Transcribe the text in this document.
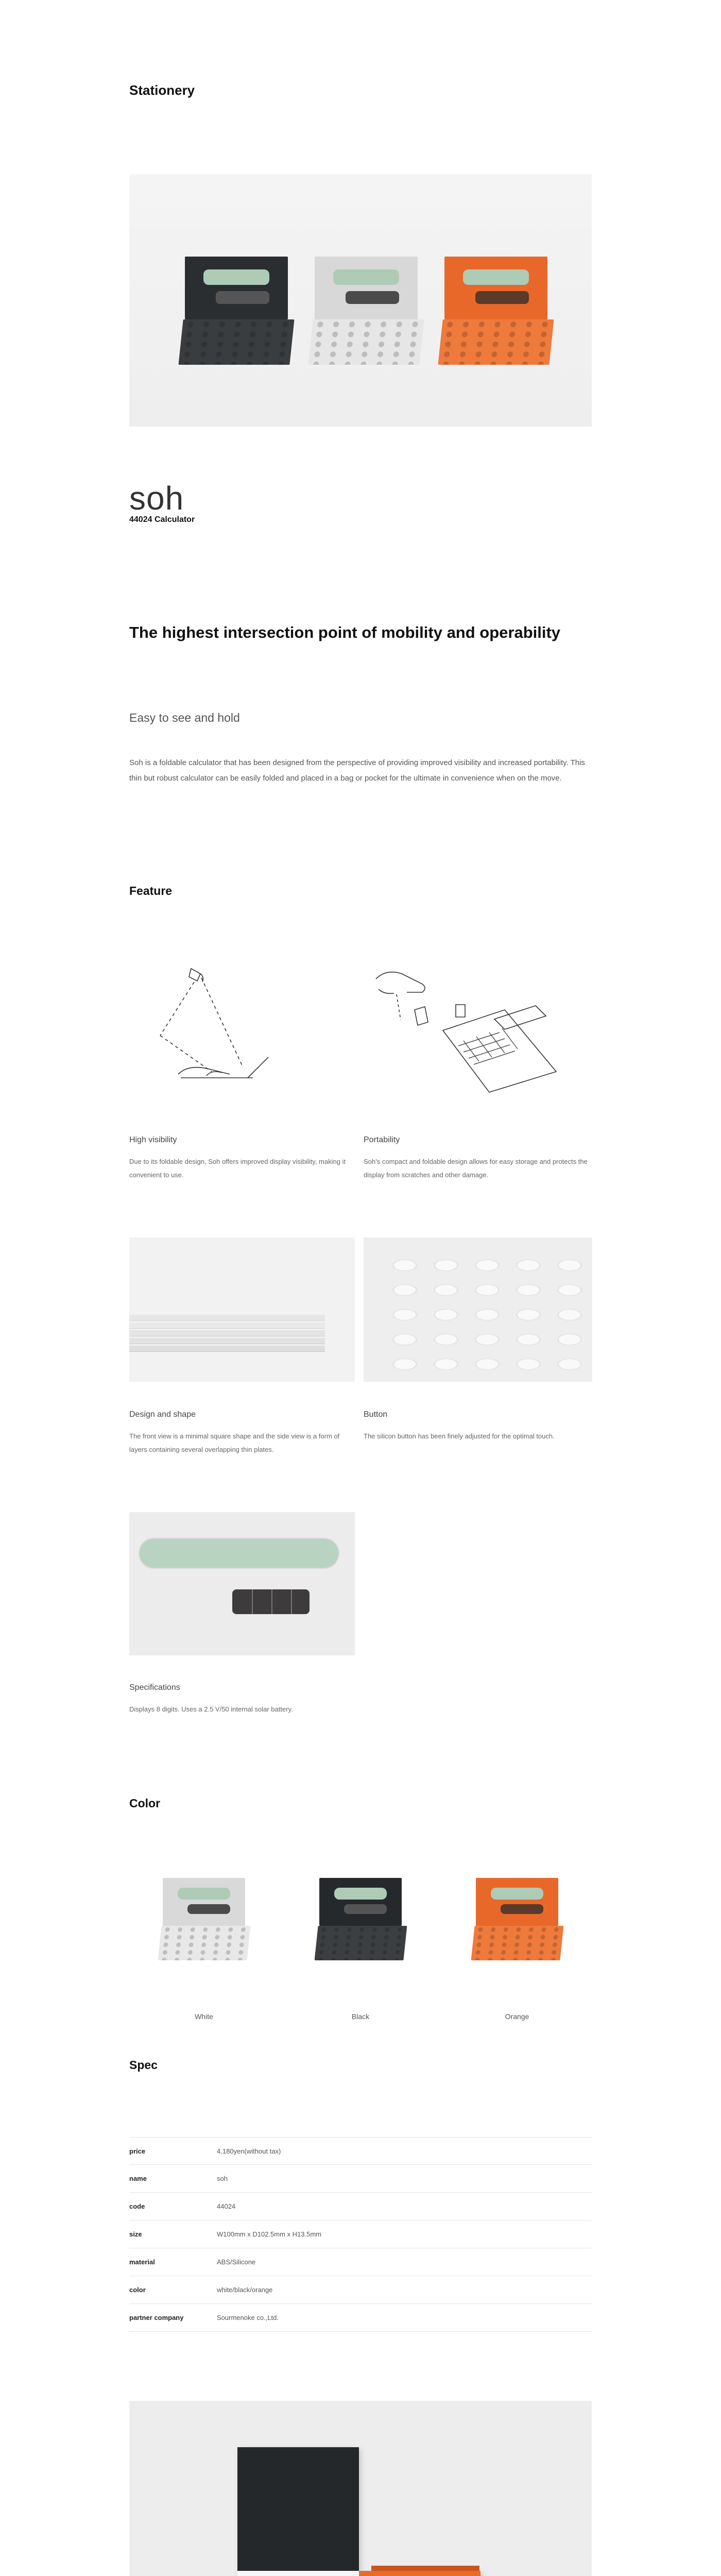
Stationery
soh
44024 Calculator
The highest intersection point of mobility and operability
Easy to see and hold
Soh is a foldable calculator that has been designed from the perspective of providing improved visibility and increased portability. This thin but robust calculator can be easily folded and placed in a bag or pocket for the ultimate in convenience when on the move.
Feature
High visibility
Due to its foldable design, Soh offers improved display visibility, making it convenient to use.
Portability
Soh’s compact and foldable design allows for easy storage and protects the display from scratches and other damage.
Design and shape
The front view is a minimal square shape and the side view is a form of layers containing several overlapping thin plates.
Button
The silicon button has been finely adjusted for the optimal touch.
Specifications
Displays 8 digits. Uses a 2.5 V/50 internal solar battery.
Color
White	Black	Orange
Spec
price	4,180yen(without tax)
name	soh
code	44024
size	W100mm x D102.5mm x H13.5mm
material	ABS/Silicone
color	white/black/orange
partner company	Sourmenoke co.,Ltd.
